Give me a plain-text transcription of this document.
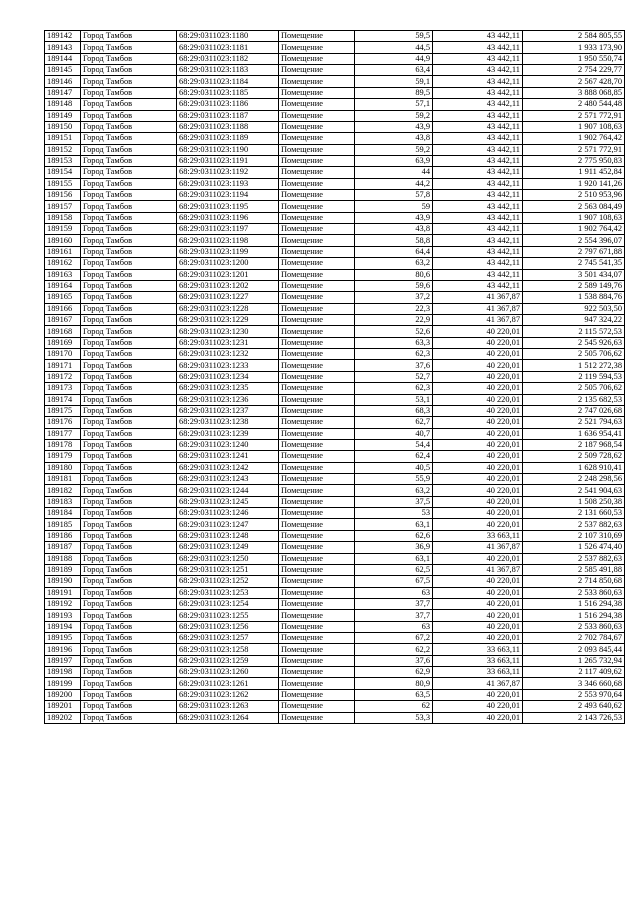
189142	Город Тамбов	68:29:0311023:1180	Помещение	59,5	43 442,11	2 584 805,55
189143	Город Тамбов	68:29:0311023:1181	Помещение	44,5	43 442,11	1 933 173,90
189144	Город Тамбов	68:29:0311023:1182	Помещение	44,9	43 442,11	1 950 550,74
189145	Город Тамбов	68:29:0311023:1183	Помещение	63,4	43 442,11	2 754 229,77
189146	Город Тамбов	68:29:0311023:1184	Помещение	59,1	43 442,11	2 567 428,70
189147	Город Тамбов	68:29:0311023:1185	Помещение	89,5	43 442,11	3 888 068,85
189148	Город Тамбов	68:29:0311023:1186	Помещение	57,1	43 442,11	2 480 544,48
189149	Город Тамбов	68:29:0311023:1187	Помещение	59,2	43 442,11	2 571 772,91
189150	Город Тамбов	68:29:0311023:1188	Помещение	43,9	43 442,11	1 907 108,63
189151	Город Тамбов	68:29:0311023:1189	Помещение	43,8	43 442,11	1 902 764,42
189152	Город Тамбов	68:29:0311023:1190	Помещение	59,2	43 442,11	2 571 772,91
189153	Город Тамбов	68:29:0311023:1191	Помещение	63,9	43 442,11	2 775 950,83
189154	Город Тамбов	68:29:0311023:1192	Помещение	44	43 442,11	1 911 452,84
189155	Город Тамбов	68:29:0311023:1193	Помещение	44,2	43 442,11	1 920 141,26
189156	Город Тамбов	68:29:0311023:1194	Помещение	57,8	43 442,11	2 510 953,96
189157	Город Тамбов	68:29:0311023:1195	Помещение	59	43 442,11	2 563 084,49
189158	Город Тамбов	68:29:0311023:1196	Помещение	43,9	43 442,11	1 907 108,63
189159	Город Тамбов	68:29:0311023:1197	Помещение	43,8	43 442,11	1 902 764,42
189160	Город Тамбов	68:29:0311023:1198	Помещение	58,8	43 442,11	2 554 396,07
189161	Город Тамбов	68:29:0311023:1199	Помещение	64,4	43 442,11	2 797 671,88
189162	Город Тамбов	68:29:0311023:1200	Помещение	63,2	43 442,11	2 745 541,35
189163	Город Тамбов	68:29:0311023:1201	Помещение	80,6	43 442,11	3 501 434,07
189164	Город Тамбов	68:29:0311023:1202	Помещение	59,6	43 442,11	2 589 149,76
189165	Город Тамбов	68:29:0311023:1227	Помещение	37,2	41 367,87	1 538 884,76
189166	Город Тамбов	68:29:0311023:1228	Помещение	22,3	41 367,87	922 503,50
189167	Город Тамбов	68:29:0311023:1229	Помещение	22,9	41 367,87	947 324,22
189168	Город Тамбов	68:29:0311023:1230	Помещение	52,6	40 220,01	2 115 572,53
189169	Город Тамбов	68:29:0311023:1231	Помещение	63,3	40 220,01	2 545 926,63
189170	Город Тамбов	68:29:0311023:1232	Помещение	62,3	40 220,01	2 505 706,62
189171	Город Тамбов	68:29:0311023:1233	Помещение	37,6	40 220,01	1 512 272,38
189172	Город Тамбов	68:29:0311023:1234	Помещение	52,7	40 220,01	2 119 594,53
189173	Город Тамбов	68:29:0311023:1235	Помещение	62,3	40 220,01	2 505 706,62
189174	Город Тамбов	68:29:0311023:1236	Помещение	53,1	40 220,01	2 135 682,53
189175	Город Тамбов	68:29:0311023:1237	Помещение	68,3	40 220,01	2 747 026,68
189176	Город Тамбов	68:29:0311023:1238	Помещение	62,7	40 220,01	2 521 794,63
189177	Город Тамбов	68:29:0311023:1239	Помещение	40,7	40 220,01	1 636 954,41
189178	Город Тамбов	68:29:0311023:1240	Помещение	54,4	40 220,01	2 187 968,54
189179	Город Тамбов	68:29:0311023:1241	Помещение	62,4	40 220,01	2 509 728,62
189180	Город Тамбов	68:29:0311023:1242	Помещение	40,5	40 220,01	1 628 910,41
189181	Город Тамбов	68:29:0311023:1243	Помещение	55,9	40 220,01	2 248 298,56
189182	Город Тамбов	68:29:0311023:1244	Помещение	63,2	40 220,01	2 541 904,63
189183	Город Тамбов	68:29:0311023:1245	Помещение	37,5	40 220,01	1 508 250,38
189184	Город Тамбов	68:29:0311023:1246	Помещение	53	40 220,01	2 131 660,53
189185	Город Тамбов	68:29:0311023:1247	Помещение	63,1	40 220,01	2 537 882,63
189186	Город Тамбов	68:29:0311023:1248	Помещение	62,6	33 663,11	2 107 310,69
189187	Город Тамбов	68:29:0311023:1249	Помещение	36,9	41 367,87	1 526 474,40
189188	Город Тамбов	68:29:0311023:1250	Помещение	63,1	40 220,01	2 537 882,63
189189	Город Тамбов	68:29:0311023:1251	Помещение	62,5	41 367,87	2 585 491,88
189190	Город Тамбов	68:29:0311023:1252	Помещение	67,5	40 220,01	2 714 850,68
189191	Город Тамбов	68:29:0311023:1253	Помещение	63	40 220,01	2 533 860,63
189192	Город Тамбов	68:29:0311023:1254	Помещение	37,7	40 220,01	1 516 294,38
189193	Город Тамбов	68:29:0311023:1255	Помещение	37,7	40 220,01	1 516 294,38
189194	Город Тамбов	68:29:0311023:1256	Помещение	63	40 220,01	2 533 860,63
189195	Город Тамбов	68:29:0311023:1257	Помещение	67,2	40 220,01	2 702 784,67
189196	Город Тамбов	68:29:0311023:1258	Помещение	62,2	33 663,11	2 093 845,44
189197	Город Тамбов	68:29:0311023:1259	Помещение	37,6	33 663,11	1 265 732,94
189198	Город Тамбов	68:29:0311023:1260	Помещение	62,9	33 663,11	2 117 409,62
189199	Город Тамбов	68:29:0311023:1261	Помещение	80,9	41 367,87	3 346 660,68
189200	Город Тамбов	68:29:0311023:1262	Помещение	63,5	40 220,01	2 553 970,64
189201	Город Тамбов	68:29:0311023:1263	Помещение	62	40 220,01	2 493 640,62
189202	Город Тамбов	68:29:0311023:1264	Помещение	53,3	40 220,01	2 143 726,53
